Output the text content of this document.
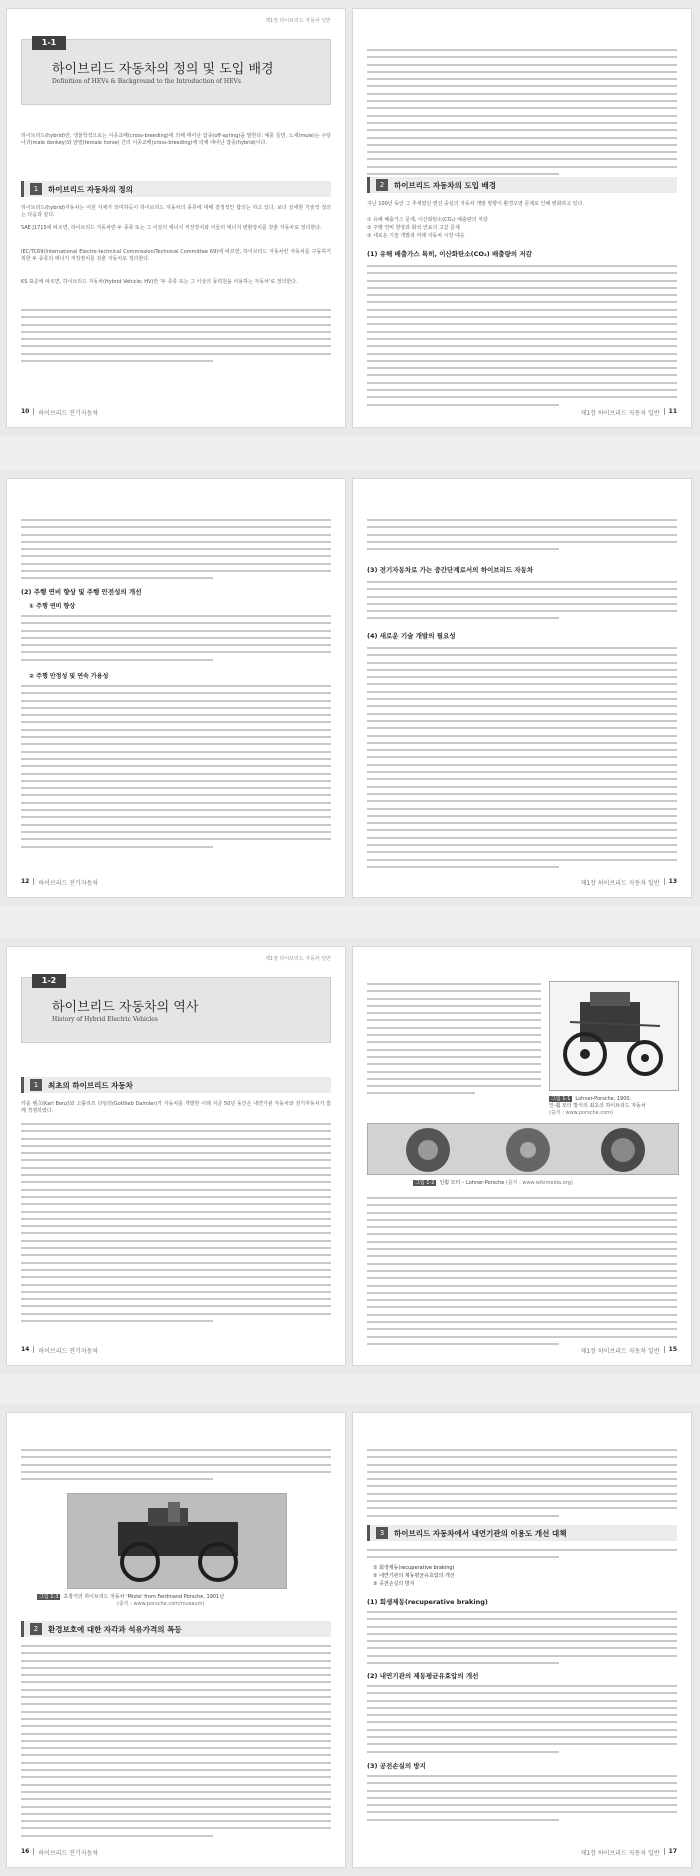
제1장 하이브리드 자동차 일반
1-1
하이브리드 자동차의 정의 및 도입 배경
Definition of HEVs & Background to the Introduction of HEVs
하이브리드(hybrid)란, 생물학적으로는 이종교배(cross-breeding)에 의해 태어난 잡종(off-spring)을 말한다. 예를 들면, 노새(mule)는 수탕나귀(male donkey)와 암말(female horse) 간의 이종교배(cross-breeding)에 의해 태어난 잡종(hybrid)이다.
1	하이브리드 자동차의 정의
하이브리드(hybrid)자동차는 어원 자체가 의미하듯이 하이브리드 자동차의 종류에 대해 결정적인 합의는 하고 있다. 보다 상세한 기술적 정의는 다음과 같다.
SAE J1715에 따르면, 하이브리드 자동차란 두 종류 또는 그 이상의 에너지 저장장치와 이들의 에너지 변환장치를 갖춘 자동차로 정의한다.
IEC/TC69(International Electro-technical Commission/Technical Committee 69)에 따르면, 하이브리드 자동차란 자동차를 구동하기 위한 두 종류의 에너지 저장장치를 갖춘 자동차로 정의한다.
KS 표준에 따르면, 하이브리드 자동차(Hybrid Vehicle; HV)란 '두 종류 또는 그 이상의 동력원을 사용하는 자동차'로 정의한다.
10 하이브리드 전기자동차
2	하이브리드 자동차의 도입 배경
지난 100년 동안 그 추세였던 엔진 중심의 자동차 개발 방향이 환경오염 문제로 인해 변화하고 있다.
① 유해 배출가스 문제, 이산화탄소(CO₂) 배출량의 저감
② 주행 연비 향상과 화석 연료의 고갈 문제
③ 새로운 기술 개발과 미래 자동차 시장 대응
(1) 유해 배출가스 특히, 이산화탄소(CO₂) 배출량의 저감
제1장 하이브리드 자동차 일반 11
(2) 주행 연비 향상 및 주행 안전성의 개선
① 주행 연비 향상
② 주행 안정성 및 연속 가용성
12 하이브리드 전기자동차
(3) 전기자동차로 가는 중간단계로서의 하이브리드 자동차
(4) 새로운 기술 개발의 필요성
제1장 하이브리드 자동차 일반 13
제1장 하이브리드 자동차 일반
1-2
하이브리드 자동차의 역사
History of Hybrid Electric Vehicles
1	최초의 하이브리드 자동차
카를 벤츠(Karl Benz)와 고틀리프 다임러(Gottlieb Daimler)가 자동차를 개발한 이래 지금 50년 동안은 내연기관 자동차와 전기자동차가 함께 경쟁하였다.
14 하이브리드 전기자동차
그림 1-1 Lohner-Porsche, 1900.
인-휠 모터 방식의 최초의 하이브리드 자동차
(출처 : www.porsche.com)
그림 1-2 인휠 모터 – Lohner-Porsche (출처 : www.wikimedia.org)
제1장 하이브리드 자동차 일반 15
그림 1-3 초창기의 하이브리드 자동차 'Mixte' from Ferdinand Porsche, 1901년
(출처 : www.porsche.com/museum)
2	환경보호에 대한 자각과 석유가격의 폭등
16 하이브리드 전기자동차
3	하이브리드 자동차에서 내연기관의 이용도 개선 대책
① 회생제동(recuperative braking)
② 내연기관의 제동평균유효압의 개선
③ 공전손실의 방지
(1) 회생제동(recuperative braking)
(2) 내연기관의 제동평균유효압의 개선
(3) 공전손실의 방지
제1장 하이브리드 자동차 일반 17
